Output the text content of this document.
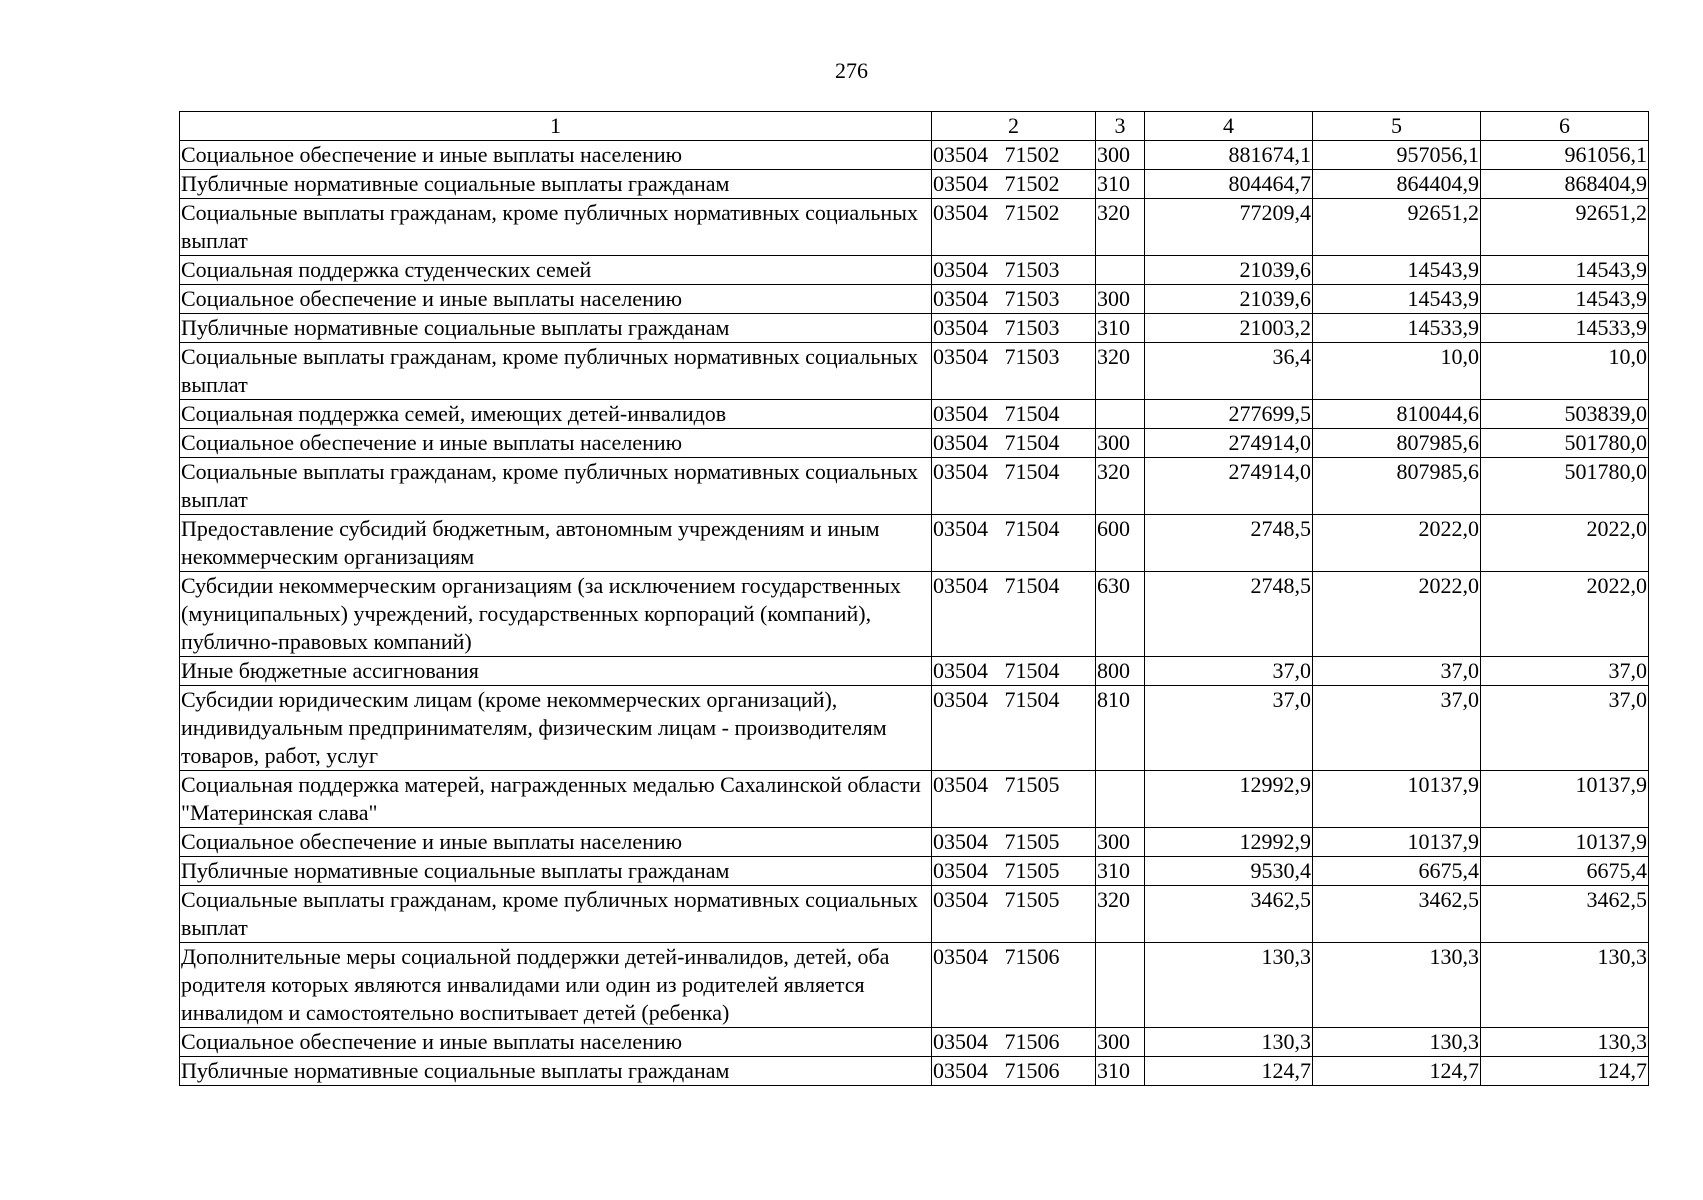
276
1	2	3	4	5	6
Социальное обеспечение и иные выплаты населению	03504   71502	300	881674,1	957056,1	961056,1
Публичные нормативные социальные выплаты гражданам	03504   71502	310	804464,7	864404,9	868404,9
Социальные выплаты гражданам, кроме публичных нормативных социальных выплат	03504   71502	320	77209,4	92651,2	92651,2
Социальная поддержка студенческих семей	03504   71503		21039,6	14543,9	14543,9
Социальное обеспечение и иные выплаты населению	03504   71503	300	21039,6	14543,9	14543,9
Публичные нормативные социальные выплаты гражданам	03504   71503	310	21003,2	14533,9	14533,9
Социальные выплаты гражданам, кроме публичных нормативных социальных выплат	03504   71503	320	36,4	10,0	10,0
Социальная поддержка семей, имеющих детей-инвалидов	03504   71504		277699,5	810044,6	503839,0
Социальное обеспечение и иные выплаты населению	03504   71504	300	274914,0	807985,6	501780,0
Социальные выплаты гражданам, кроме публичных нормативных социальных выплат	03504   71504	320	274914,0	807985,6	501780,0
Предоставление субсидий бюджетным, автономным учреждениям и иным некоммерческим организациям	03504   71504	600	2748,5	2022,0	2022,0
Субсидии некоммерческим организациям (за исключением государственных (муниципальных) учреждений, государственных корпораций (компаний), публично-правовых компаний)	03504   71504	630	2748,5	2022,0	2022,0
Иные бюджетные ассигнования	03504   71504	800	37,0	37,0	37,0
Субсидии юридическим лицам (кроме некоммерческих организаций), индивидуальным предпринимателям, физическим лицам - производителям товаров, работ, услуг	03504   71504	810	37,0	37,0	37,0
Социальная поддержка матерей, награжденных медалью Сахалинской области "Материнская слава"	03504   71505		12992,9	10137,9	10137,9
Социальное обеспечение и иные выплаты населению	03504   71505	300	12992,9	10137,9	10137,9
Публичные нормативные социальные выплаты гражданам	03504   71505	310	9530,4	6675,4	6675,4
Социальные выплаты гражданам, кроме публичных нормативных социальных выплат	03504   71505	320	3462,5	3462,5	3462,5
Дополнительные меры социальной поддержки детей-инвалидов, детей, оба родителя которых являются инвалидами или один из родителей является инвалидом и самостоятельно воспитывает детей (ребенка)	03504   71506		130,3	130,3	130,3
Социальное обеспечение и иные выплаты населению	03504   71506	300	130,3	130,3	130,3
Публичные нормативные социальные выплаты гражданам	03504   71506	310	124,7	124,7	124,7
